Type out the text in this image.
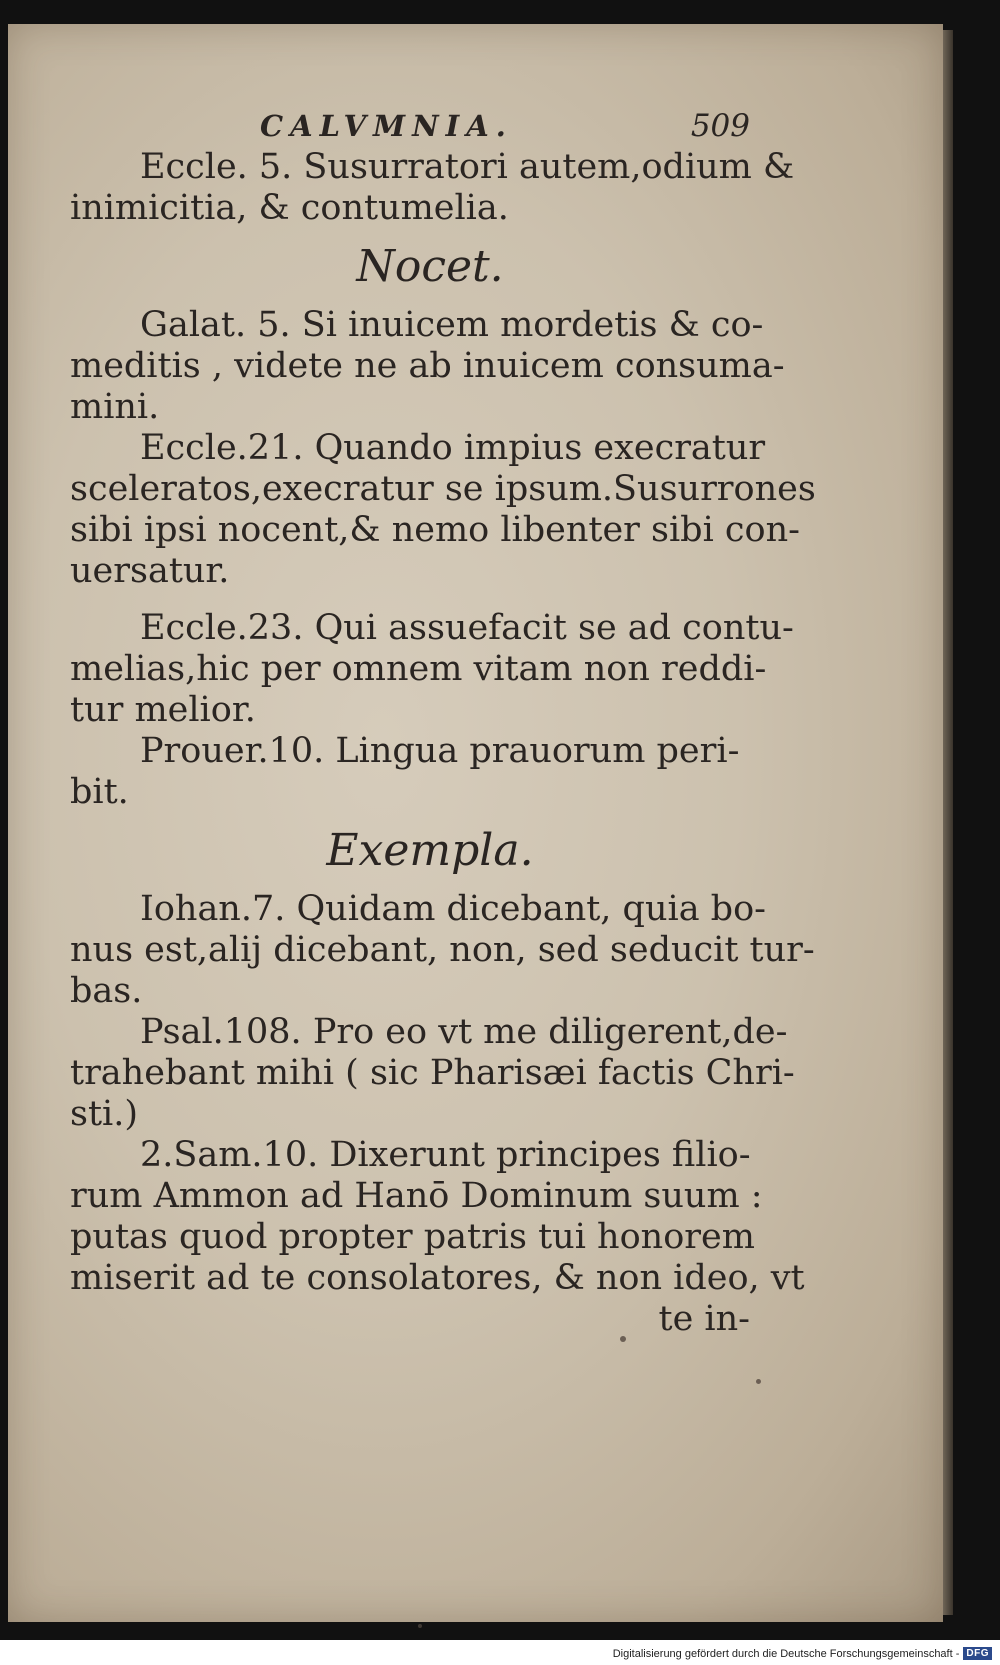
CALVMNIA.	509

Eccle. 5. Susurratori autem,odium &
inimicitia, & contumelia.

Nocet.

Galat. 5. Si inuicem mordetis & co-
meditis , videte ne ab inuicem consuma-
mini.

Eccle.21. Quando impius execratur
sceleratos,execratur se ipsum.Susurrones
sibi ipsi nocent,& nemo libenter sibi con-
uersatur.

Eccle.23. Qui assuefacit se ad contu-
melias,hic per omnem vitam non reddi-
tur melior.

Prouer.10. Lingua prauorum peri-
bit.

Exempla.

Iohan.7. Quidam dicebant, quia bo-
nus est,alij dicebant, non, sed seducit tur-
bas.

Psal.108. Pro eo vt me diligerent,de-
trahebant mihi ( sic Pharisæi factis Chri-
sti.)

2.Sam.10. Dixerunt principes filio-
rum Ammon ad Hanō Dominum suum :
putas quod propter patris tui honorem
miserit ad te consolatores, & non ideo, vt

te in-

Digitalisierung gefördert durch die Deutsche Forschungsgemeinschaft - DFG
